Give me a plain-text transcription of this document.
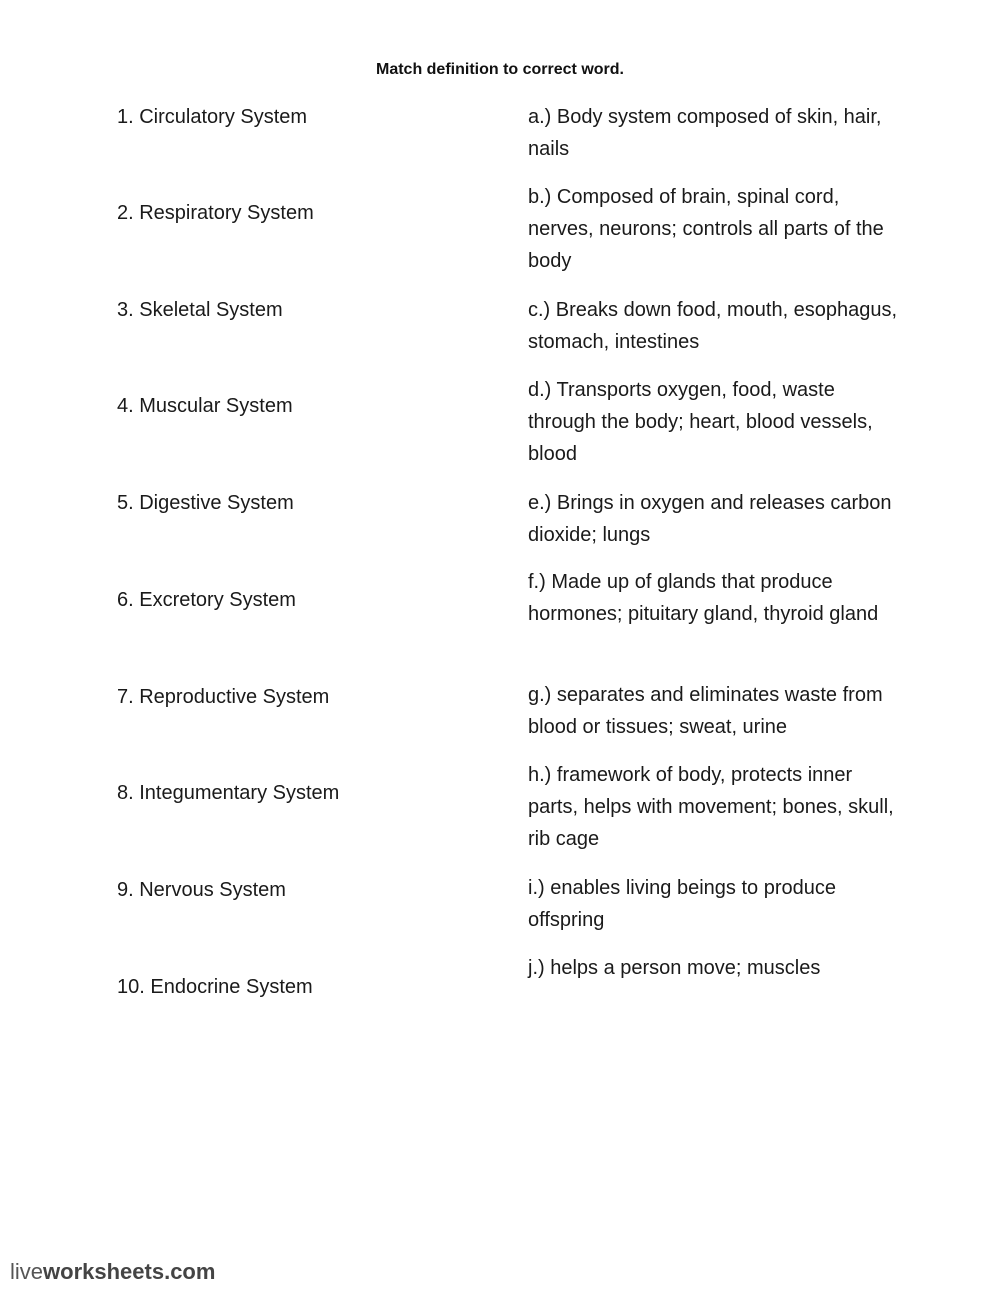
Match definition to correct word.
1. Circulatory System
2. Respiratory System
3. Skeletal System
4. Muscular System
5. Digestive System
6. Excretory System
7. Reproductive System
8. Integumentary System
9. Nervous System
10. Endocrine System
a.) Body system composed of skin, hair, nails
b.) Composed of brain, spinal cord, nerves, neurons; controls all parts of the body
c.) Breaks down food, mouth, esophagus, stomach, intestines
d.) Transports oxygen, food, waste through the body; heart, blood vessels, blood
e.) Brings in oxygen and releases carbon dioxide; lungs
f.) Made up of glands that produce hormones; pituitary gland, thyroid gland
g.) separates and eliminates waste from blood or tissues; sweat, urine
h.) framework of body, protects inner parts, helps with movement; bones, skull, rib cage
i.) enables living beings to produce offspring
j.) helps a person move; muscles
liveworksheets.com
